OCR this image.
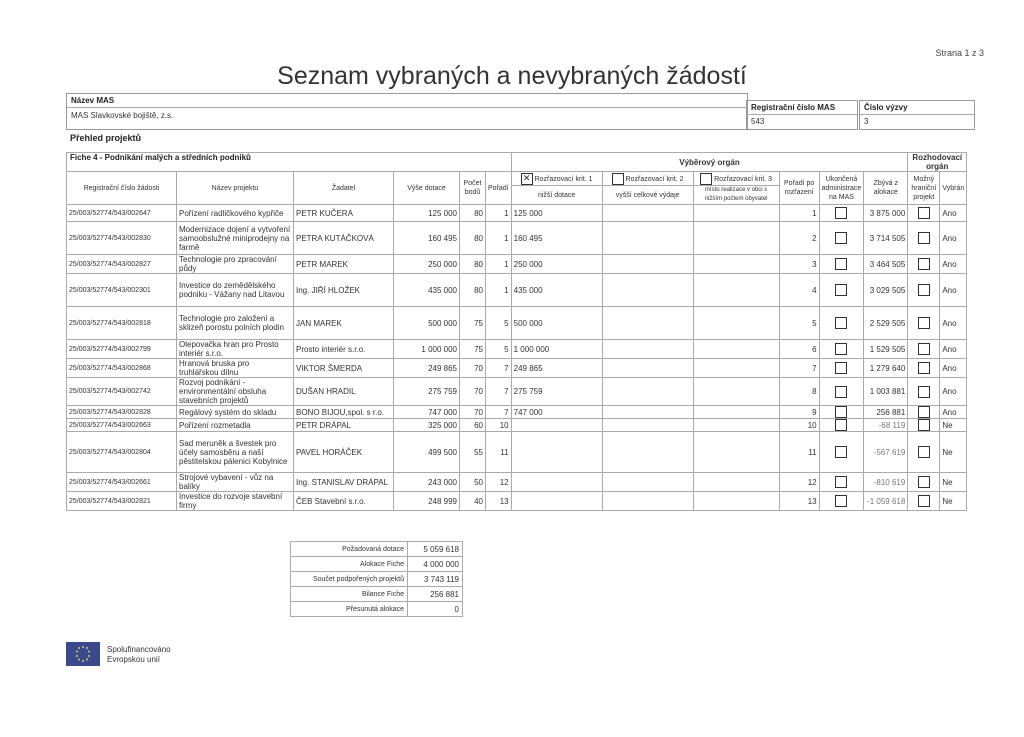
Strana 1 z 3
Seznam vybraných a nevybraných žádostí
Název MAS
MAS Slavkovské bojiště, z.s.
Registrační číslo MAS
543
Číslo výzvy
3
Přehled projektů
Fiche 4 - Podnikání malých a středních podniků
						Výběrový orgán						Rozhodovací orgán	
Registrační číslo žádosti	Název projektu	Žadatel	Výše dotace	Počet bodů	Pořadí	✕ Rozřazovací krit. 1	Rozřazovací krit. 2	Rozřazovací krit. 3	Pořadí po rozřazení	Ukončená administrace na MAS	Zbývá z alokace	Možný hraniční projekt	Vybrán
						nižší dotace	vyšší celkové výdaje	místo realizace v obci s nižším počtem obyvatel					
25/003/52774/543/002647	Pořízení radličkového kypřiče	PETR KUČERA	125 000	80	1	125 000			1		3 875 000		Ano
25/003/52774/543/002830	Modernizace dojení a vytvoření samoobslužné miniprodejny na farmě	PETRA KUTÁČKOVÁ	160 495	80	1	160 495			2		3 714 505		Ano
25/003/52774/543/002827	Technologie pro zpracování půdy	PETR MAREK	250 000	80	1	250 000			3		3 464 505		Ano
25/003/52774/543/002301	Investice do zemědělského podniku - Vážany nad Litavou	Ing. JIŘÍ HLOŽEK	435 000	80	1	435 000			4		3 029 505		Ano
25/003/52774/543/002818	Technologie pro založení a sklizeň porostu polních plodin	JAN MAREK	500 000	75	5	500 000			5		2 529 505		Ano
25/003/52774/543/002799	Olepovačka hran pro Prosto interiér s.r.o.	Prosto interiér s.r.o.	1 000 000	75	5	1 000 000			6		1 529 505		Ano
25/003/52774/543/002868	Hranová bruska pro truhlářskou dílnu	VIKTOR ŠMERDA	249 865	70	7	249 865			7		1 279 640		Ano
25/003/52774/543/002742	Rozvoj podnikání - environmentální obsluha stavebních projektů	DUŠAN HRADIL	275 759	70	7	275 759			8		1 003 881		Ano
25/003/52774/543/002828	Regálový systém do skladu	BONO BIJOU,spol. s r.o.	747 000	70	7	747 000			9		256 881		Ano
25/003/52774/543/002663	Pořízení rozmetadla	PETR DRÁPAL	325 000	60	10				10		-68 119		Ne
25/003/52774/543/002804	Sad meruněk a švestek pro účely samosběru a naší pěstitelskou pálenici Kobylnice	PAVEL HORÁČEK	499 500	55	11				11		-567 619		Ne
25/003/52774/543/002661	Strojové vybavení - vůz na balíky	Ing. STANISLAV DRÁPAL	243 000	50	12				12		-810 619		Ne
25/003/52774/543/002821	Investice do rozvoje stavební firmy	ČEB Stavební s.r.o.	248 999	40	13				13		-1 059 618		Ne
Požadovaná dotace	5 059 618
Alokace Fiche	4 000 000
Součet podpořených projektů	3 743 119
Bilance Fiche	256 881
Přesunutá alokace	0
Spolufinancováno
Evropskou unií
